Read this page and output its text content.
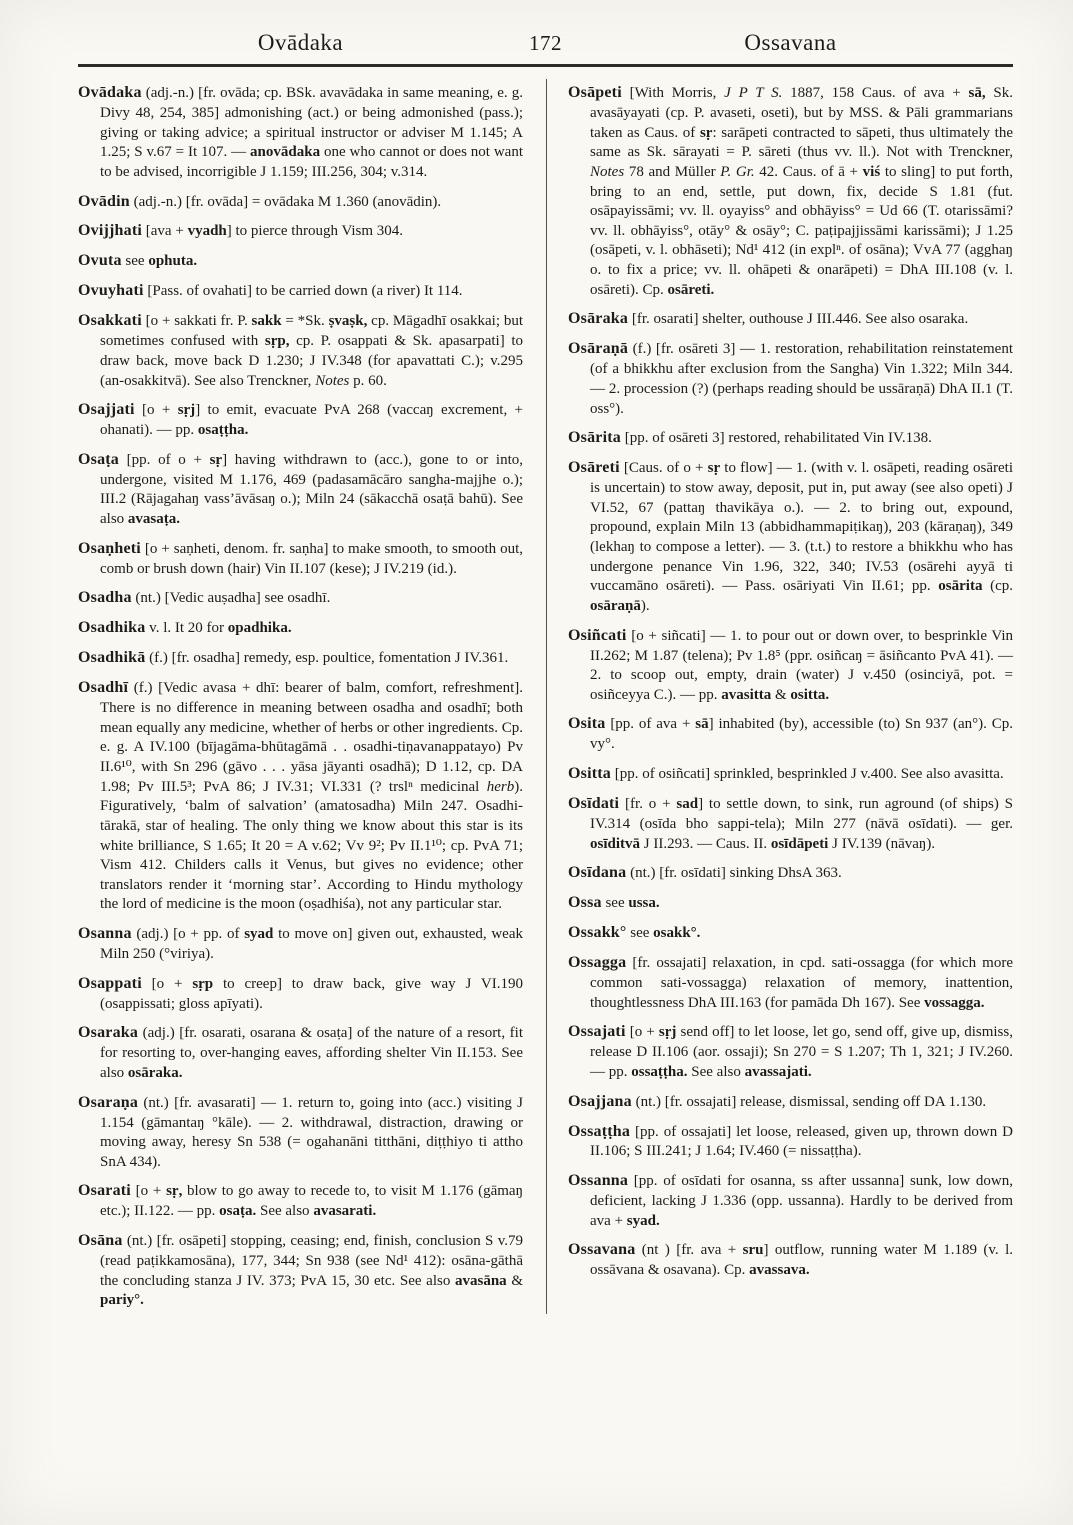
Ovādaka	172	Ossavana
Ovādaka (adj.-n.) [fr. ovāda; cp. BSk. avavādaka in same meaning, e. g. Divy 48, 254, 385] admonishing (act.) or being admonished (pass.); giving or taking advice; a spiritual instructor or adviser M 1.145; A 1.25; S v.67 = It 107. — anovādaka one who cannot or does not want to be advised, incorrigible J 1.159; III.256, 304; v.314.
Ovādin (adj.-n.) [fr. ovāda] = ovādaka M 1.360 (anovādin).
Ovijjhati [ava + vyadh] to pierce through Vism 304.
Ovuta see ophuta.
Ovuyhati [Pass. of ovahati] to be carried down (a river) It 114.
Osakkati [o + sakkati fr. P. sakk = *Sk. ṣvaṣk, cp. Māgadhī osakkai; but sometimes confused with sṛp, cp. P. osappati & Sk. apasarpati] to draw back, move back D 1.230; J IV.348 (for apavattati C.); v.295 (an-osakkitvā). See also Trenckner, Notes p. 60.
Osajjati [o + sṛj] to emit, evacuate PvA 268 (vaccaŋ excrement, + ohanati). — pp. osaṭṭha.
Osaṭa [pp. of o + sṛ] having withdrawn to (acc.), gone to or into, undergone, visited M 1.176, 469 (padasamācāro sangha-majjhe o.); III.2 (Rājagahaŋ vass’āvāsaŋ o.); Miln 24 (sākacchā osaṭā bahū). See also avasaṭa.
Osaṇheti [o + saṇheti, denom. fr. saṇha] to make smooth, to smooth out, comb or brush down (hair) Vin II.107 (kese); J IV.219 (id.).
Osadha (nt.) [Vedic auṣadha] see osadhī.
Osadhika v. l. It 20 for opadhika.
Osadhikā (f.) [fr. osadha] remedy, esp. poultice, fomentation J IV.361.
Osadhī (f.) [Vedic avasa + dhī: bearer of balm, comfort, refreshment]. There is no difference in meaning between osadha and osadhī; both mean equally any medicine, whether of herbs or other ingredients. Cp. e. g. A IV.100 (bījagāma-bhūtagāmā . . osadhi-tiṇavanappatayo) Pv II.6¹⁰, with Sn 296 (gāvo . . . yāsa jāyanti osadhā); D 1.12, cp. DA 1.98; Pv III.5³; PvA 86; J IV.31; VI.331 (? trslⁿ medicinal herb). Figuratively, ‘balm of salvation’ (amatosadha) Miln 247. Osadhi-tārakā, star of healing. The only thing we know about this star is its white brilliance, S 1.65; It 20 = A v.62; Vv 9²; Pv II.1¹⁰; cp. PvA 71; Vism 412. Childers calls it Venus, but gives no evidence; other translators render it ‘morning star’. According to Hindu mythology the lord of medicine is the moon (oṣadhiśa), not any particular star.
Osanna (adj.) [o + pp. of syad to move on] given out, exhausted, weak Miln 250 (°viriya).
Osappati [o + sṛp to creep] to draw back, give way J VI.190 (osappissati; gloss apīyati).
Osaraka (adj.) [fr. osarati, osarana & osaṭa] of the nature of a resort, fit for resorting to, over-hanging eaves, affording shelter Vin II.153. See also osāraka.
Osaraṇa (nt.) [fr. avasarati] — 1. return to, going into (acc.) visiting J 1.154 (gāmantaŋ °kāle). — 2. withdrawal, distraction, drawing or moving away, heresy Sn 538 (= ogahanāni titthāni, diṭṭhiyo ti attho SnA 434).
Osarati [o + sṛ, blow to go away to recede to, to visit M 1.176 (gāmaŋ etc.); II.122. — pp. osaṭa. See also avasarati.
Osāna (nt.) [fr. osāpeti] stopping, ceasing; end, finish, conclusion S v.79 (read paṭikkamosāna), 177, 344; Sn 938 (see Nd¹ 412): osāna-gāthā the concluding stanza J IV. 373; PvA 15, 30 etc. See also avasāna & pariy°.
Osāpeti [With Morris, J P T S. 1887, 158 Caus. of ava + sā, Sk. avasāyayati (cp. P. avaseti, oseti), but by MSS. & Pāli grammarians taken as Caus. of sṛ: sarāpeti contracted to sāpeti, thus ultimately the same as Sk. sārayati = P. sāreti (thus vv. ll.). Not with Trenckner, Notes 78 and Müller P. Gr. 42. Caus. of ā + viś to sling] to put forth, bring to an end, settle, put down, fix, decide S 1.81 (fut. osāpayissāmi; vv. ll. oyayiss° and obhāyiss° = Ud 66 (T. otarissāmi? vv. ll. obhāyiss°, otāy° & osāy°; C. paṭipajjissāmi karissāmi); J 1.25 (osāpeti, v. l. obhāseti); Nd¹ 412 (in explⁿ. of osāna); VvA 77 (agghaŋ o. to fix a price; vv. ll. ohāpeti & onarāpeti) = DhA III.108 (v. l. osāreti). Cp. osāreti.
Osāraka [fr. osarati] shelter, outhouse J III.446. See also osaraka.
Osāraṇā (f.) [fr. osāreti 3] — 1. restoration, rehabilitation reinstatement (of a bhikkhu after exclusion from the Sangha) Vin 1.322; Miln 344. — 2. procession (?) (perhaps reading should be ussāraṇā) DhA II.1 (T. oss°).
Osārita [pp. of osāreti 3] restored, rehabilitated Vin IV.138.
Osāreti [Caus. of o + sṛ to flow] — 1. (with v. l. osāpeti, reading osāreti is uncertain) to stow away, deposit, put in, put away (see also opeti) J VI.52, 67 (pattaŋ thavikāya o.). — 2. to bring out, expound, propound, explain Miln 13 (abbidhammapiṭikaŋ), 203 (kāraṇaŋ), 349 (lekhaŋ to compose a letter). — 3. (t.t.) to restore a bhikkhu who has undergone penance Vin 1.96, 322, 340; IV.53 (osārehi ayyā ti vuccamāno osāreti). — Pass. osāriyati Vin II.61; pp. osārita (cp. osāraṇā).
Osiñcati [o + siñcati] — 1. to pour out or down over, to besprinkle Vin II.262; M 1.87 (telena); Pv 1.8⁵ (ppr. osiñcaŋ = āsiñcanto PvA 41). — 2. to scoop out, empty, drain (water) J v.450 (osinciyā, pot. = osiñceyya C.). — pp. avasitta & ositta.
Osita [pp. of ava + sā] inhabited (by), accessible (to) Sn 937 (an°). Cp. vy°.
Ositta [pp. of osiñcati] sprinkled, besprinkled J v.400. See also avasitta.
Osīdati [fr. o + sad] to settle down, to sink, run aground (of ships) S IV.314 (osīda bho sappi-tela); Miln 277 (nāvā osīdati). — ger. osīditvā J II.293. — Caus. II. osīdāpeti J IV.139 (nāvaŋ).
Osīdana (nt.) [fr. osīdati] sinking DhsA 363.
Ossa see ussa.
Ossakk° see osakk°.
Ossagga [fr. ossajati] relaxation, in cpd. sati-ossagga (for which more common sati-vossagga) relaxation of memory, inattention, thoughtlessness DhA III.163 (for pamāda Dh 167). See vossagga.
Ossajati [o + sṛj send off] to let loose, let go, send off, give up, dismiss, release D II.106 (aor. ossaji); Sn 270 = S 1.207; Th 1, 321; J IV.260. — pp. ossaṭṭha. See also avassajati.
Osajjana (nt.) [fr. ossajati] release, dismissal, sending off DA 1.130.
Ossaṭṭha [pp. of ossajati] let loose, released, given up, thrown down D II.106; S III.241; J 1.64; IV.460 (= nissaṭṭha).
Ossanna [pp. of osīdati for osanna, ss after ussanna] sunk, low down, deficient, lacking J 1.336 (opp. ussanna). Hardly to be derived from ava + syad.
Ossavana (nt ) [fr. ava + sru] outflow, running water M 1.189 (v. l. ossāvana & osavana). Cp. avassava.
